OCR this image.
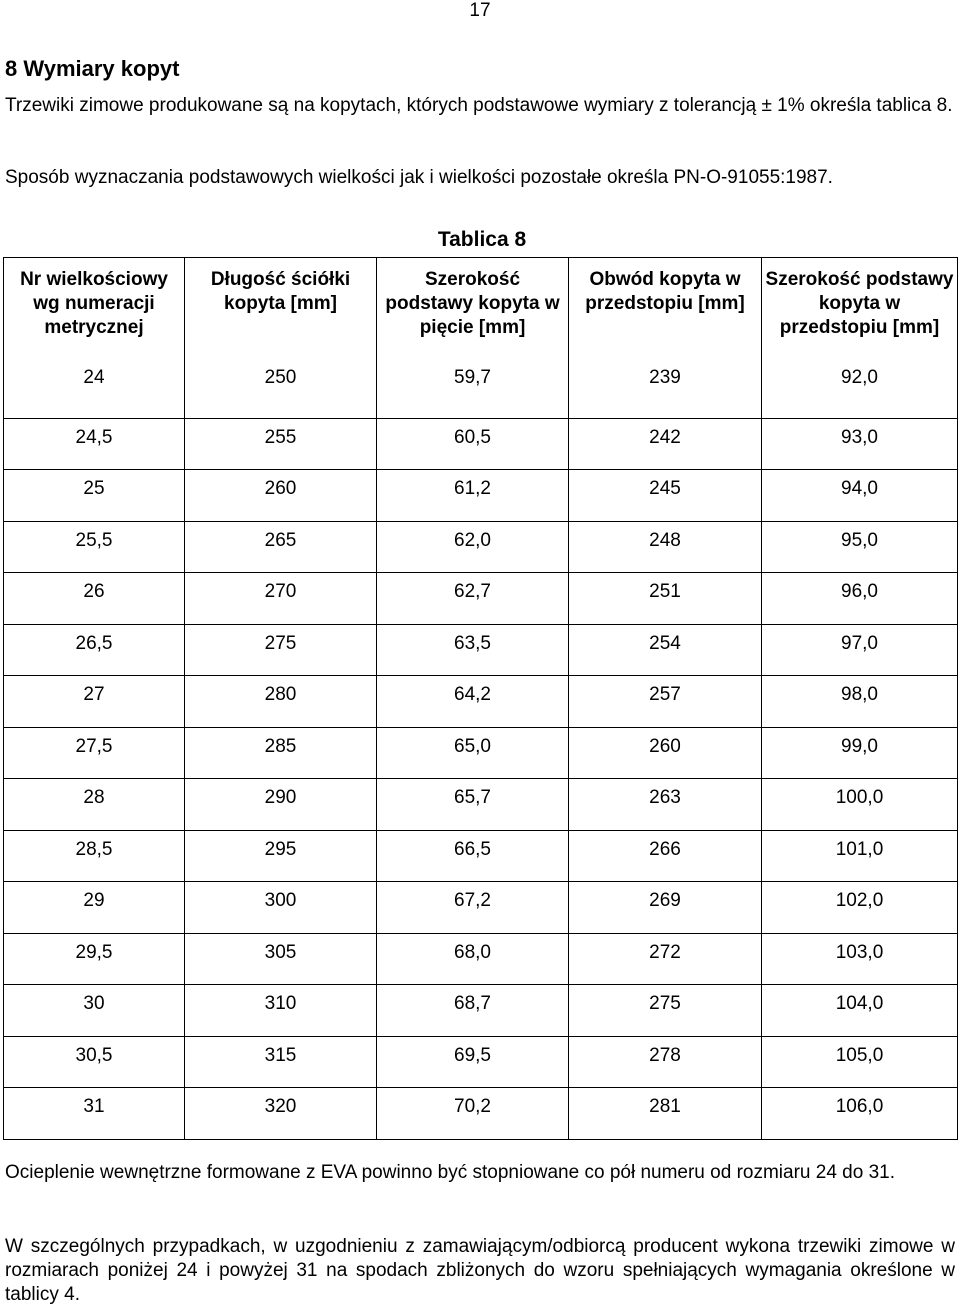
17
8 Wymiary kopyt

Trzewiki zimowe produkowane są na kopytach, których podstawowe wymiary z tolerancją ± 1% określa tablica 8.

Sposób wyznaczania podstawowych wielkości jak i wielkości pozostałe określa PN-O-91055:1987.

Tablica 8
Nr wielkościowy wg numeracji metrycznej	Długość ściółki kopyta [mm]	Szerokość podstawy kopyta w pięcie [mm]	Obwód kopyta w przedstopiu [mm]	Szerokość podstawy kopyta w przedstopiu [mm]
24	250	59,7	239	92,0
24,5	255	60,5	242	93,0
25	260	61,2	245	94,0
25,5	265	62,0	248	95,0
26	270	62,7	251	96,0
26,5	275	63,5	254	97,0
27	280	64,2	257	98,0
27,5	285	65,0	260	99,0
28	290	65,7	263	100,0
28,5	295	66,5	266	101,0
29	300	67,2	269	102,0
29,5	305	68,0	272	103,0
30	310	68,7	275	104,0
30,5	315	69,5	278	105,0
31	320	70,2	281	106,0

Ocieplenie wewnętrzne formowane z EVA powinno być stopniowane co pół numeru od rozmiaru 24 do 31.

W szczególnych przypadkach, w uzgodnieniu z zamawiającym/odbiorcą producent wykona trzewiki zimowe w rozmiarach poniżej 24 i powyżej 31 na spodach zbliżonych do wzoru spełniających wymagania określone w tablicy 4.
